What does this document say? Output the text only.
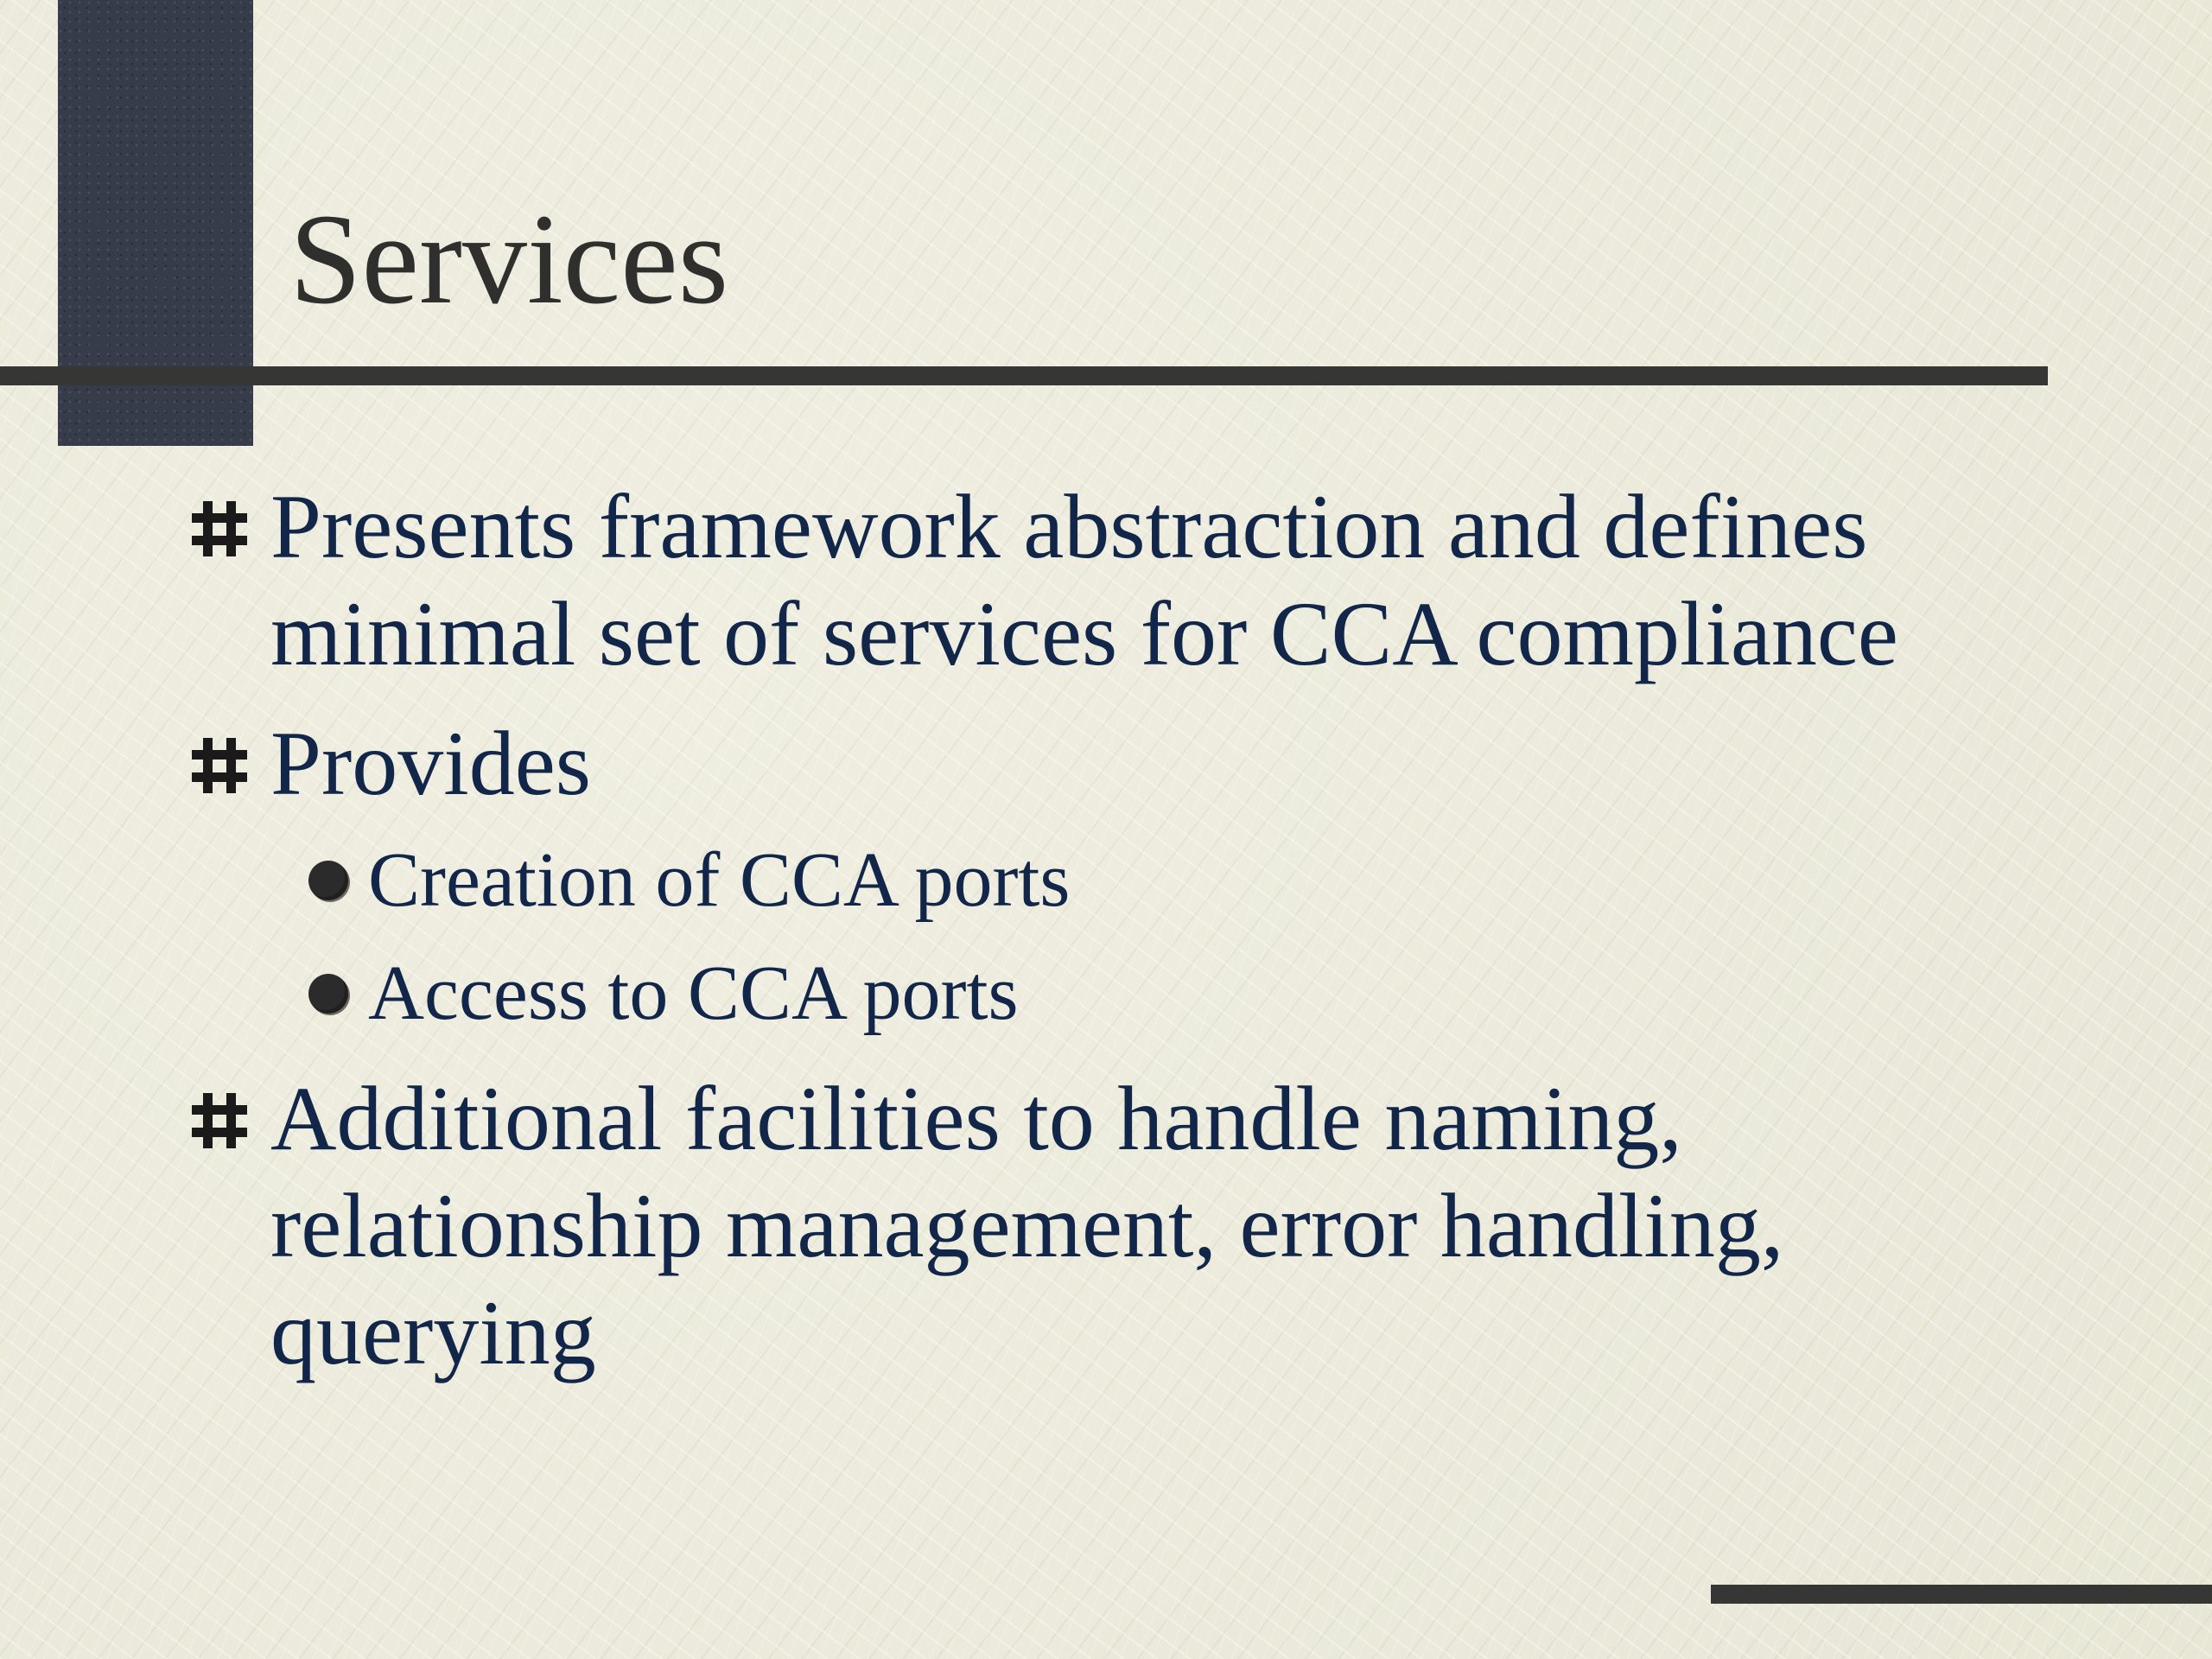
Services
Presents framework abstraction and defines
minimal set of services for CCA compliance
Provides
Creation of CCA ports
Access to CCA ports
Additional facilities to handle naming,
relationship management, error handling,
querying
